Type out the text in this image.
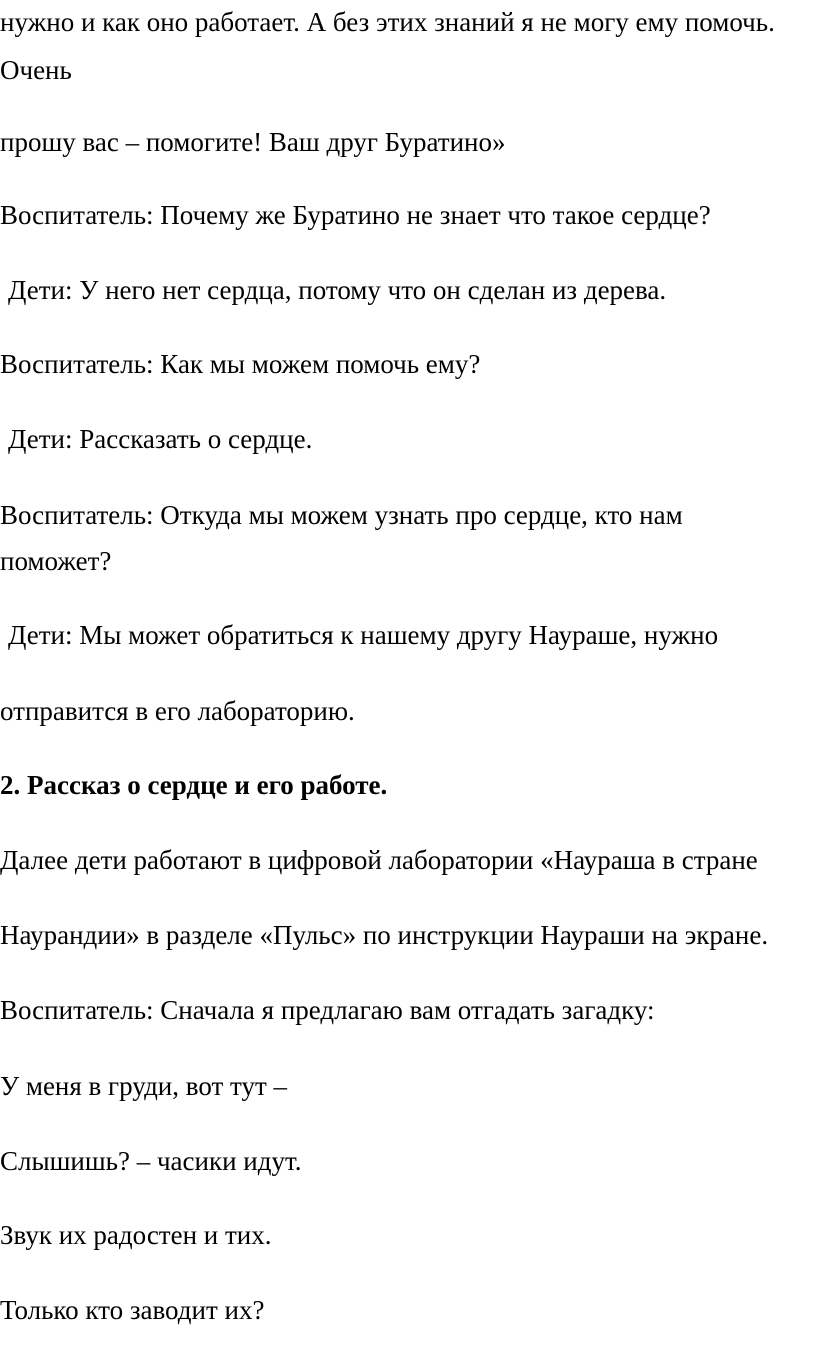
нужно и как оно работает. А без этих знаний я не могу ему помочь.
Очень
прошу вас – помогите! Ваш друг Буратино»
Воспитатель: Почему же Буратино не знает что такое сердце?
Дети: У него нет сердца, потому что он сделан из дерева.
Воспитатель: Как мы можем помочь ему?
Дети: Рассказать о сердце.
Воспитатель: Откуда мы можем узнать про сердце, кто нам
поможет?
Дети: Мы может обратиться к нашему другу Наураше, нужно
отправится в его лабораторию.
2. Рассказ о сердце и его работе.
Далее дети работают в цифровой лаборатории «Наураша в стране
Наурандии» в разделе «Пульс» по инструкции Наураши на экране.
Воспитатель: Сначала я предлагаю вам отгадать загадку:
У меня в груди, вот тут –
Слышишь? – часики идут.
Звук их радостен и тих.
Только кто заводит их?
